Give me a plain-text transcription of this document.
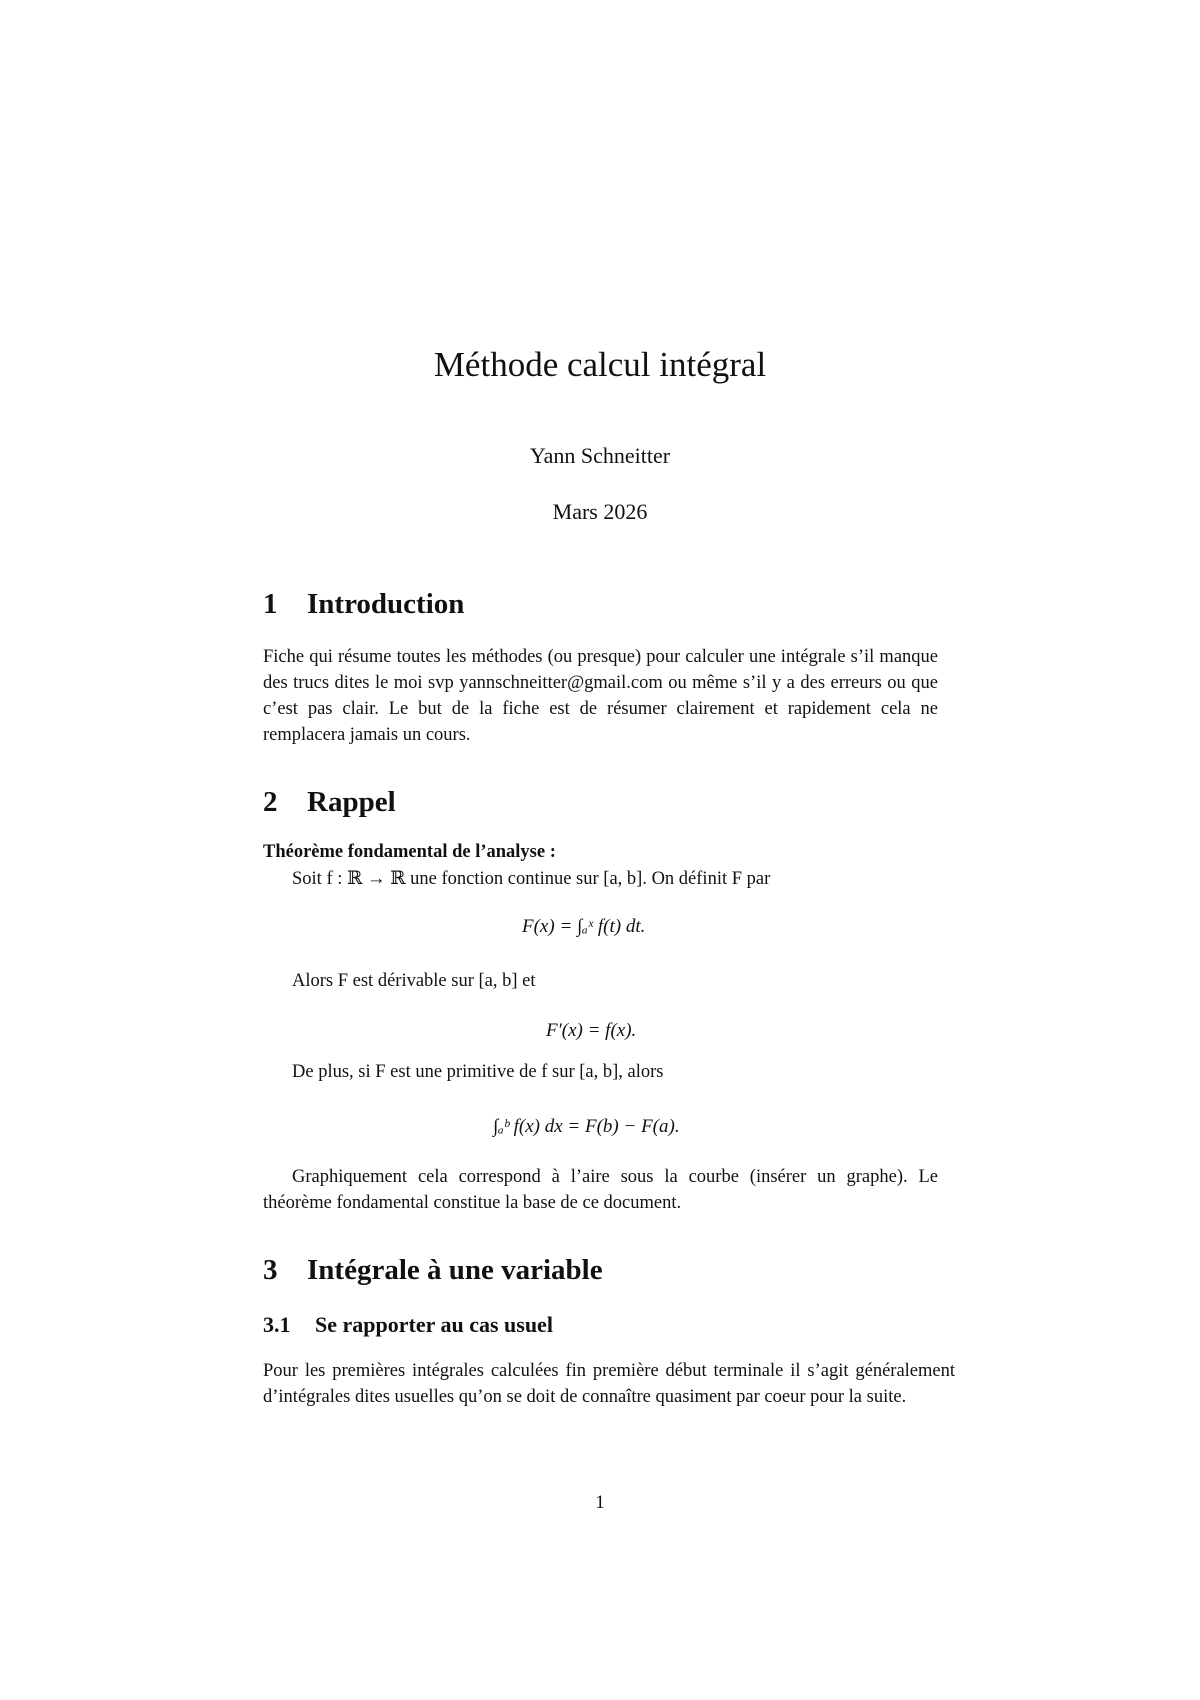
Méthode calcul intégral
Yann Schneitter
Mars 2026
1 Introduction
Fiche qui résume toutes les méthodes (ou presque) pour calculer une intégrale s’il manque des trucs dites le moi svp yannschneitter@gmail.com ou même s’il y a des erreurs ou que c’est pas clair. Le but de la fiche est de résumer clairement et rapidement cela ne remplacera jamais un cours.
2 Rappel
Théorème fondamental de l’analyse :
Soit f : ℝ → ℝ une fonction continue sur [a, b]. On définit F par
F(x) = ∫ₐˣ f(t) dt.
Alors F est dérivable sur [a, b] et
F′(x) = f(x).
De plus, si F est une primitive de f sur [a, b], alors
∫ₐᵇ f(x) dx = F(b) − F(a).
Graphiquement cela correspond à l’aire sous la courbe (insérer un graphe). Le théorème fondamental constitue la base de ce document.
3 Intégrale à une variable
3.1 Se rapporter au cas usuel
Pour les premières intégrales calculées fin première début terminale il s’agit généralement d’intégrales dites usuelles qu’on se doit de connaître quasiment par coeur pour la suite.
1
